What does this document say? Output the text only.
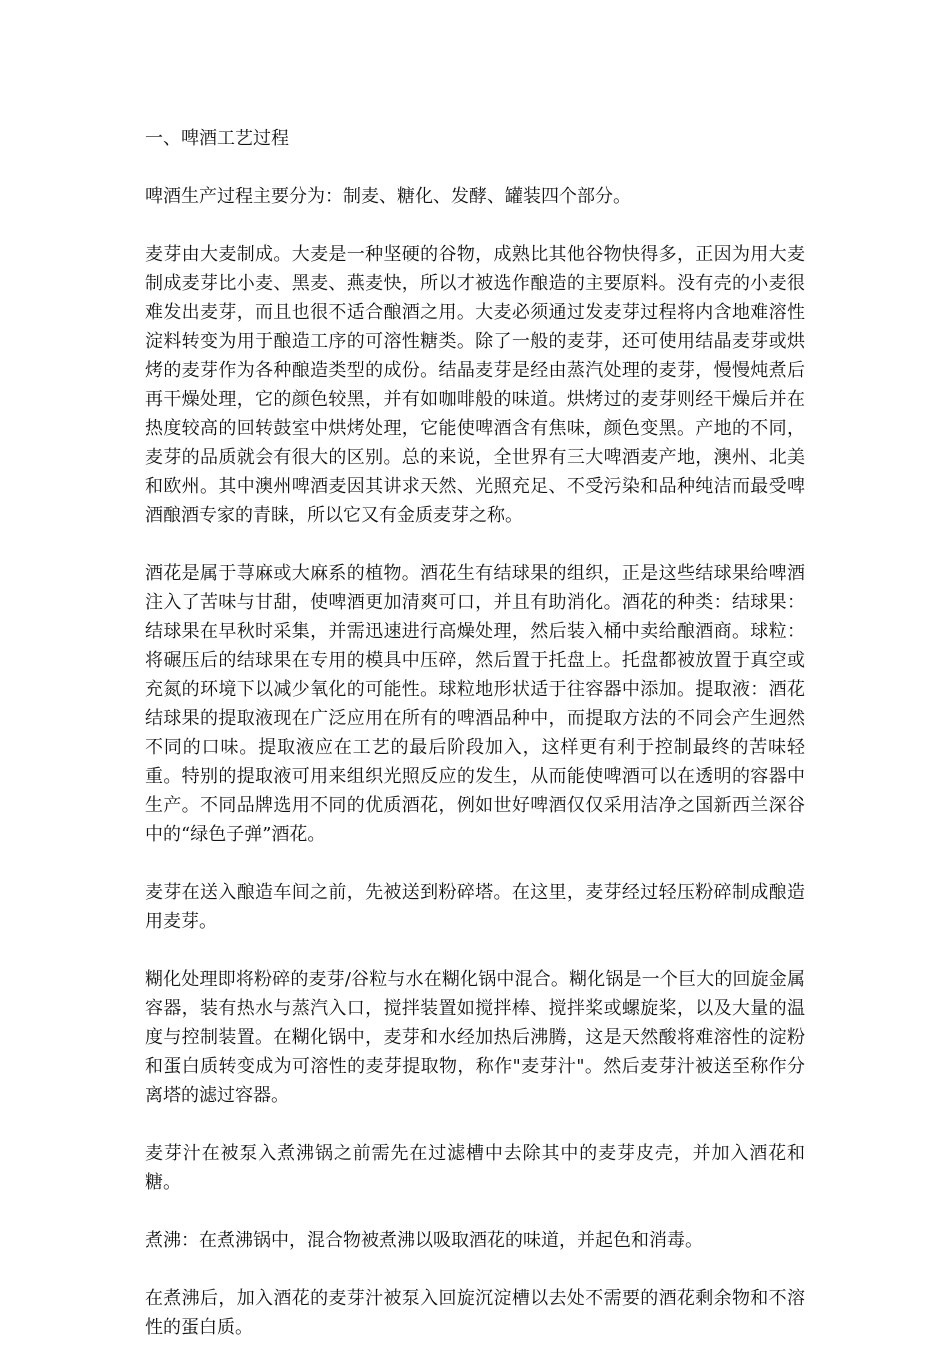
一、啤酒工艺过程

啤酒生产过程主要分为：制麦、糖化、发酵、罐装四个部分。

麦芽由大麦制成。大麦是一种坚硬的谷物，成熟比其他谷物快得多，正因为用大麦制成麦芽比小麦、黑麦、燕麦快，所以才被选作酿造的主要原料。没有壳的小麦很难发出麦芽，而且也很不适合酿酒之用。大麦必须通过发麦芽过程将内含地难溶性淀料转变为用于酿造工序的可溶性糖类。除了一般的麦芽，还可使用结晶麦芽或烘烤的麦芽作为各种酿造类型的成份。结晶麦芽是经由蒸汽处理的麦芽，慢慢炖煮后再干燥处理，它的颜色较黑，并有如咖啡般的味道。烘烤过的麦芽则经干燥后并在热度较高的回转鼓室中烘烤处理，它能使啤酒含有焦味，颜色变黑。产地的不同，麦芽的品质就会有很大的区别。总的来说，全世界有三大啤酒麦产地，澳州、北美和欧州。其中澳州啤酒麦因其讲求天然、光照充足、不受污染和品种纯洁而最受啤酒酿酒专家的青睐，所以它又有金质麦芽之称。

酒花是属于荨麻或大麻系的植物。酒花生有结球果的组织，正是这些结球果给啤酒注入了苦味与甘甜，使啤酒更加清爽可口，并且有助消化。酒花的种类：结球果：结球果在早秋时采集，并需迅速进行高燥处理，然后装入桶中卖给酿酒商。球粒：将碾压后的结球果在专用的模具中压碎，然后置于托盘上。托盘都被放置于真空或充氮的环境下以减少氧化的可能性。球粒地形状适于往容器中添加。提取液：酒花结球果的提取液现在广泛应用在所有的啤酒品种中，而提取方法的不同会产生迥然不同的口味。提取液应在工艺的最后阶段加入，这样更有利于控制最终的苦味轻重。特别的提取液可用来组织光照反应的发生，从而能使啤酒可以在透明的容器中生产。不同品牌选用不同的优质酒花，例如世好啤酒仅仅采用洁净之国新西兰深谷中的“绿色子弹”酒花。

麦芽在送入酿造车间之前，先被送到粉碎塔。在这里，麦芽经过轻压粉碎制成酿造用麦芽。

糊化处理即将粉碎的麦芽/谷粒与水在糊化锅中混合。糊化锅是一个巨大的回旋金属容器，装有热水与蒸汽入口，搅拌装置如搅拌棒、搅拌桨或螺旋桨，以及大量的温度与控制装置。在糊化锅中，麦芽和水经加热后沸腾，这是天然酸将难溶性的淀粉和蛋白质转变成为可溶性的麦芽提取物，称作"麦芽汁"。然后麦芽汁被送至称作分离塔的滤过容器。

麦芽汁在被泵入煮沸锅之前需先在过滤槽中去除其中的麦芽皮壳，并加入酒花和糖。

煮沸：在煮沸锅中，混合物被煮沸以吸取酒花的味道，并起色和消毒。

在煮沸后，加入酒花的麦芽汁被泵入回旋沉淀槽以去处不需要的酒花剩余物和不溶性的蛋白质。
